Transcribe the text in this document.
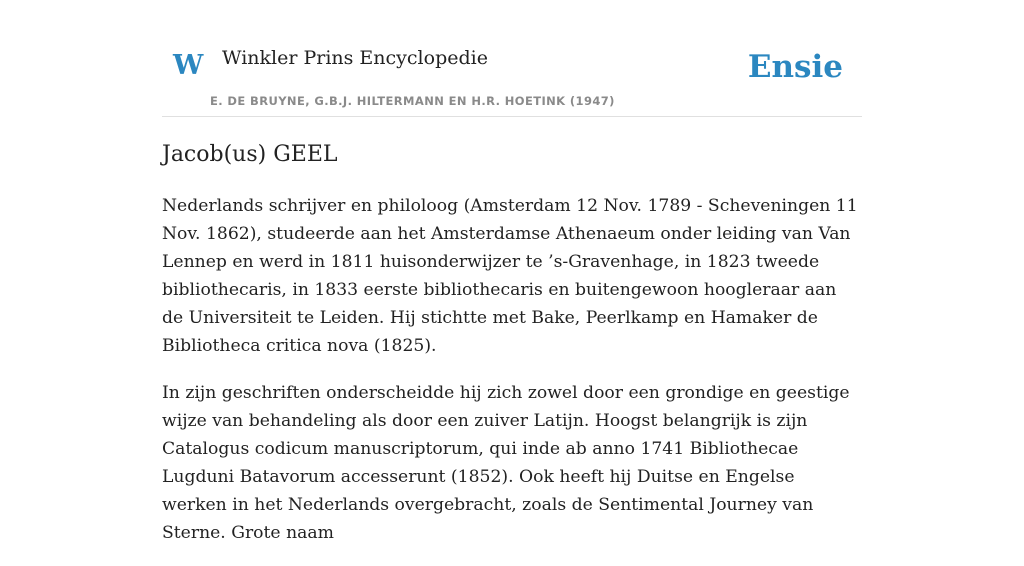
W Winkler Prins Encyclopedie
E. DE BRUYNE, G.B.J. HILTERMANN EN H.R. HOETINK (1947)
Ensie
Jacob(us) GEEL

Nederlands schrijver en philoloog (Amsterdam 12 Nov. 1789 - Scheveningen 11 Nov. 1862), studeerde aan het Amsterdamse Athenaeum onder leiding van Van Lennep en werd in 1811 huisonderwijzer te ’s-Gravenhage, in 1823 tweede bibliothecaris, in 1833 eerste bibliothecaris en buitengewoon hoogleraar aan de Universiteit te Leiden. Hij stichtte met Bake, Peerlkamp en Hamaker de Bibliotheca critica nova (1825).

In zijn geschriften onderscheidde hij zich zowel door een grondige en geestige wijze van behandeling als door een zuiver Latijn. Hoogst belangrijk is zijn Catalogus codicum manuscriptorum, qui inde ab anno 1741 Bibliothecae Lugduni Batavorum accesserunt (1852). Ook heeft hij Duitse en Engelse werken in het Nederlands overgebracht, zoals de Sentimental Journey van Sterne. Grote naam
